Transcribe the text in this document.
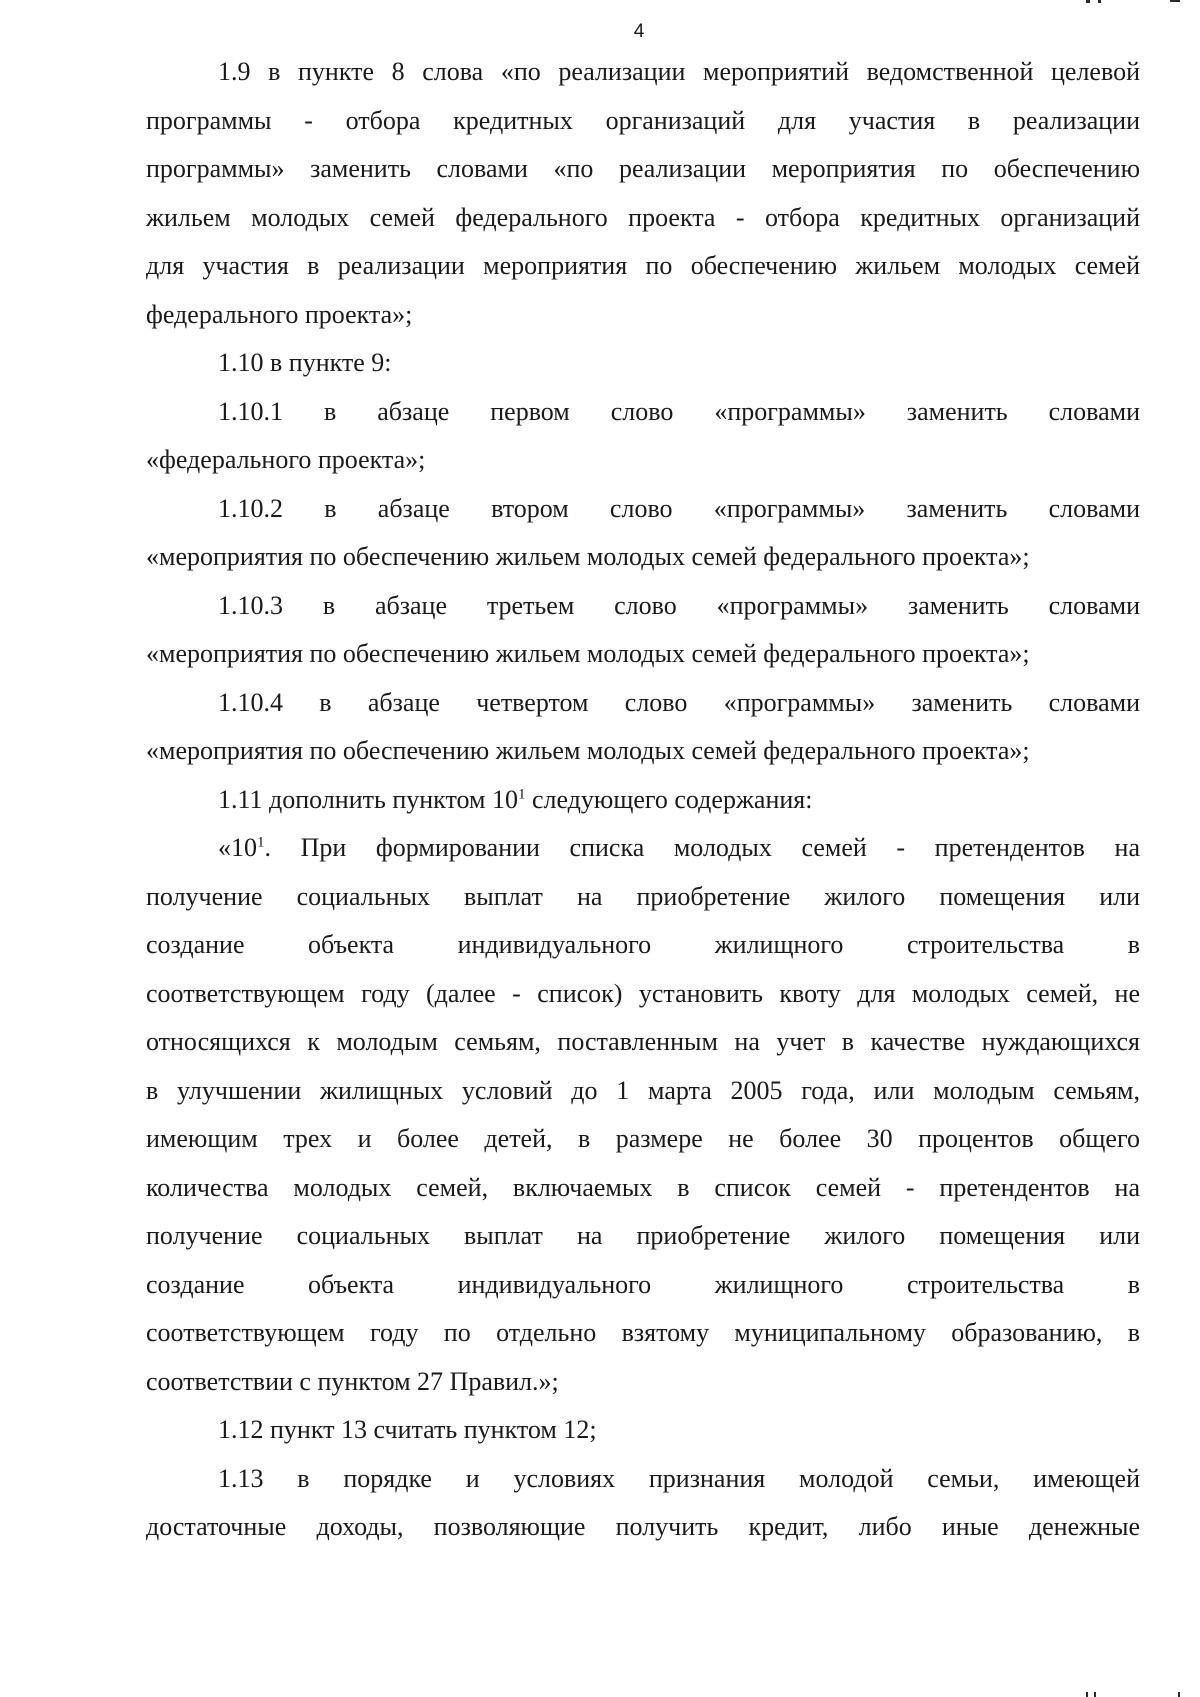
4
1.9 в пункте 8 слова «по реализации мероприятий ведомственной целевой
программы - отбора кредитных организаций для участия в реализации
программы» заменить словами «по реализации мероприятия по обеспечению
жильем молодых семей федерального проекта - отбора кредитных организаций
для участия в реализации мероприятия по обеспечению жильем молодых семей
федерального проекта»;
1.10 в пункте 9:
1.10.1 в абзаце первом слово «программы» заменить словами
«федерального проекта»;
1.10.2 в абзаце втором слово «программы» заменить словами
«мероприятия по обеспечению жильем молодых семей федерального проекта»;
1.10.3 в абзаце третьем слово «программы» заменить словами
«мероприятия по обеспечению жильем молодых семей федерального проекта»;
1.10.4 в абзаце четвертом слово «программы» заменить словами
«мероприятия по обеспечению жильем молодых семей федерального проекта»;
1.11 дополнить пунктом $10^1$ следующего содержания:
«$10^1$. При формировании списка молодых семей - претендентов на
получение социальных выплат на приобретение жилого помещения или
создание объекта индивидуального жилищного строительства в
соответствующем году (далее - список) установить квоту для молодых семей, не
относящихся к молодым семьям, поставленным на учет в качестве нуждающихся
в улучшении жилищных условий до 1 марта 2005 года, или молодым семьям,
имеющим трех и более детей, в размере не более 30 процентов общего
количества молодых семей, включаемых в список семей - претендентов на
получение социальных выплат на приобретение жилого помещения или
создание объекта индивидуального жилищного строительства в
соответствующем году по отдельно взятому муниципальному образованию, в
соответствии с пунктом 27 Правил.»;
1.12 пункт 13 считать пунктом 12;
1.13 в порядке и условиях признания молодой семьи, имеющей
достаточные доходы, позволяющие получить кредит, либо иные денежные
